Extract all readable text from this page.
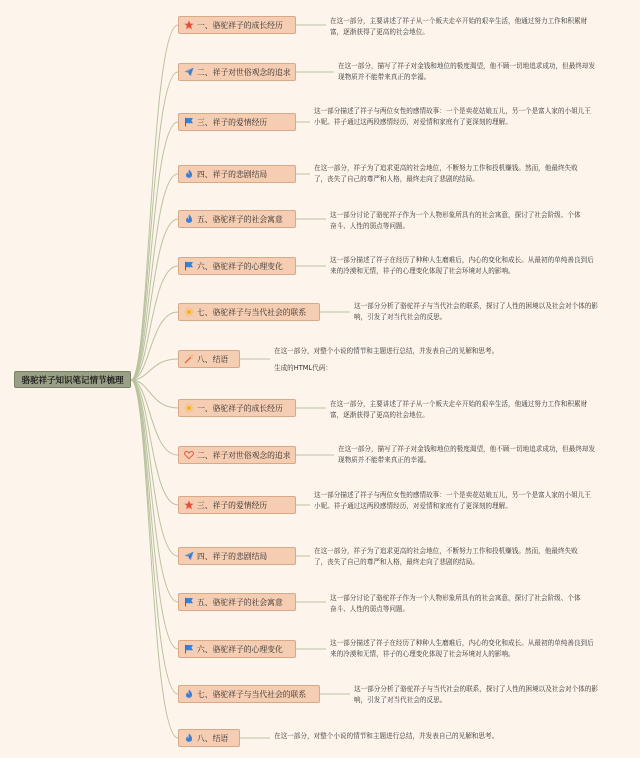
骆驼祥子知识笔记情节梳理
一、骆驼祥子的成长经历	在这一部分，主要讲述了祥子从一个贩夫走卒开始的艰辛生活，他通过努力工作和积累财富，逐渐获得了更高的社会地位。
二、祥子对世俗观念的追求
在这一部分，描写了祥子对金钱和地位的极度渴望，他不顾一切地追求成功，但最终却发现物质并不能带来真正的幸福。
三、祥子的爱情经历
这一部分描述了祥子与两位女性的感情故事：一个是卖花姑娘五儿，另一个是富人家的小姐儿王小妮。祥子通过这两段感情经历，对爱情和家庭有了更深刻的理解。
四、祥子的悲剧结局
在这一部分，祥子为了追求更高的社会地位，不断努力工作和投机赚钱。然而，他最终失败了，丧失了自己的尊严和人格，最终走向了悲剧的结局。
五、骆驼祥子的社会寓意	这一部分讨论了骆驼祥子作为一个人物形象所具有的社会寓意，探讨了社会阶级、个体奋斗、人性的弱点等问题。
六、骆驼祥子的心理变化
这一部分描述了祥子在经历了种种人生磨难后，内心的变化和成长。从最初的单纯善良到后来的冷漠和无情，祥子的心理变化体现了社会环境对人的影响。
七、骆驼祥子与当代社会的联系
这一部分分析了骆驼祥子与当代社会的联系，探讨了人性的困境以及社会对个体的影响，引发了对当代社会的反思。
八、结语
在这一部分，对整个小说的情节和主题进行总结，并发表自己的见解和思考。
生成的HTML代码：
一、骆驼祥子的成长经历	在这一部分，主要讲述了祥子从一个贩夫走卒开始的艰辛生活，他通过努力工作和积累财富，逐渐获得了更高的社会地位。
二、祥子对世俗观念的追求
在这一部分，描写了祥子对金钱和地位的极度渴望，他不顾一切地追求成功，但最终却发现物质并不能带来真正的幸福。
三、祥子的爱情经历
这一部分描述了祥子与两位女性的感情故事：一个是卖花姑娘五儿，另一个是富人家的小姐儿王小妮。祥子通过这两段感情经历，对爱情和家庭有了更深刻的理解。
四、祥子的悲剧结局
在这一部分，祥子为了追求更高的社会地位，不断努力工作和投机赚钱。然而，他最终失败了，丧失了自己的尊严和人格，最终走向了悲剧的结局。
五、骆驼祥子的社会寓意	这一部分讨论了骆驼祥子作为一个人物形象所具有的社会寓意，探讨了社会阶级、个体奋斗、人性的弱点等问题。
六、骆驼祥子的心理变化
这一部分描述了祥子在经历了种种人生磨难后，内心的变化和成长。从最初的单纯善良到后来的冷漠和无情，祥子的心理变化体现了社会环境对人的影响。
七、骆驼祥子与当代社会的联系
这一部分分析了骆驼祥子与当代社会的联系，探讨了人性的困境以及社会对个体的影响，引发了对当代社会的反思。
八、结语	在这一部分，对整个小说的情节和主题进行总结，并发表自己的见解和思考。
